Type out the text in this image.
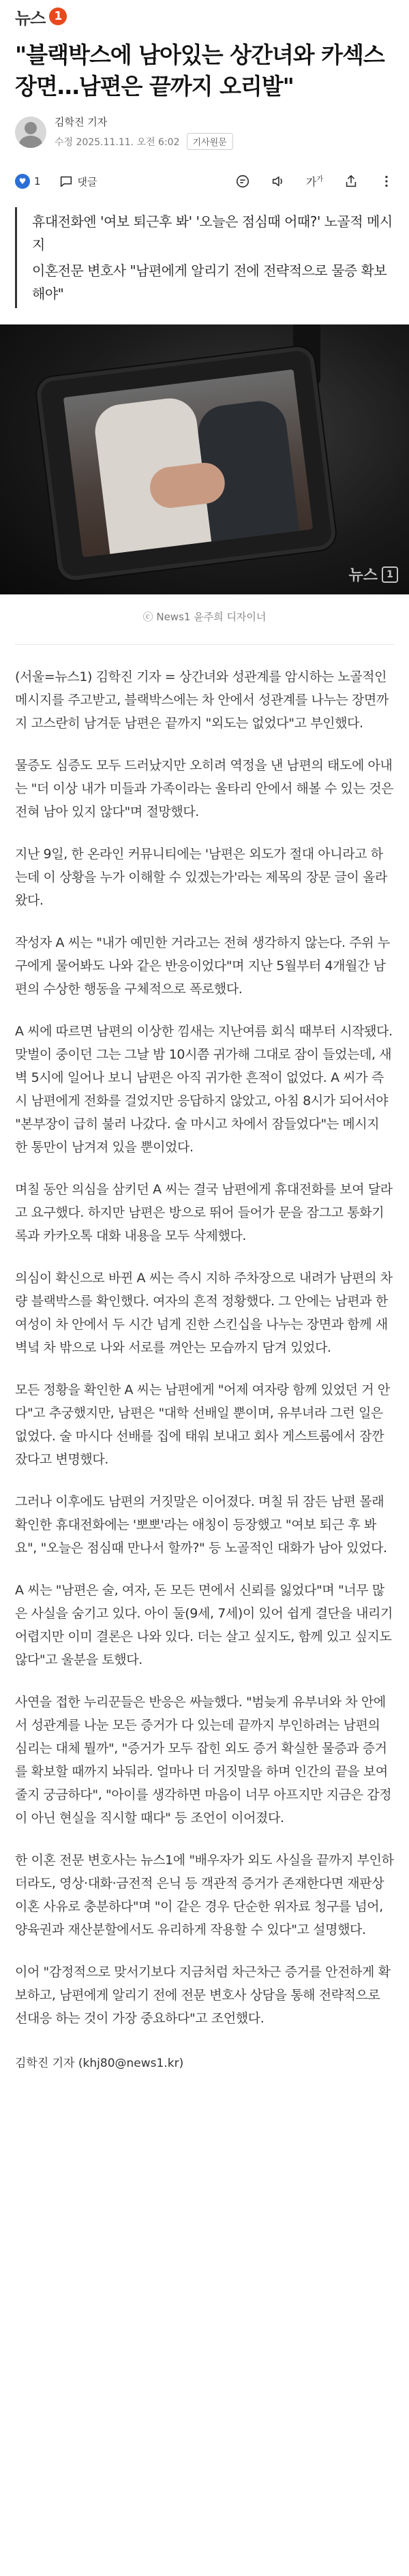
뉴스 1
"블랙박스에 남아있는 상간녀와 카섹스 장면…남편은 끝까지 오리발"
김학진 기자
수정 2025.11.11. 오전 6:02	기사원문
♥ 1	댓글	가$^가$

휴대전화엔 '여보 퇴근후 봐' '오늘은 점심때 어때?' 노골적 메시지

이혼전문 변호사 "남편에게 알리기 전에 전략적으로 물증 확보해야"

뉴스 1

ⓒ News1 윤주희 디자이너

(서울=뉴스1) 김학진 기자 = 상간녀와 성관계를 암시하는 노골적인 메시지를 주고받고, 블랙박스에는 차 안에서 성관계를 나누는 장면까지 고스란히 남겨둔 남편은 끝까지 "외도는 없었다"고 부인했다.

물증도 심증도 모두 드러났지만 오히려 역정을 낸 남편의 태도에 아내는 "더 이상 내가 미들과 가족이라는 울타리 안에서 해볼 수 있는 것은 전혀 남아 있지 않다"며 절망했다.

지난 9일, 한 온라인 커뮤니티에는 '남편은 외도가 절대 아니라고 하는데 이 상황을 누가 이해할 수 있겠는가'라는 제목의 장문 글이 올라왔다.

작성자 A 씨는 "내가 예민한 거라고는 전혀 생각하지 않는다. 주위 누구에게 물어봐도 나와 같은 반응이었다"며 지난 5월부터 4개월간 남편의 수상한 행동을 구체적으로 폭로했다.

A 씨에 따르면 남편의 이상한 낌새는 지난여름 회식 때부터 시작됐다. 맞벌이 중이던 그는 그날 밤 10시쯤 귀가해 그대로 잠이 들었는데, 새벽 5시에 일어나 보니 남편은 아직 귀가한 흔적이 없었다. A 씨가 즉시 남편에게 전화를 걸었지만 응답하지 않았고, 아침 8시가 되어서야 "본부장이 급히 불러 나갔다. 술 마시고 차에서 잠들었다"는 메시지 한 통만이 남겨져 있을 뿐이었다.

며칠 동안 의심을 삼키던 A 씨는 결국 남편에게 휴대전화를 보여 달라고 요구했다. 하지만 남편은 방으로 뛰어 들어가 문을 잠그고 통화기록과 카카오톡 대화 내용을 모두 삭제했다.

의심이 확신으로 바뀐 A 씨는 즉시 지하 주차장으로 내려가 남편의 차량 블랙박스를 확인했다. 여자의 흔적 정황했다. 그 안에는 남편과 한 여성이 차 안에서 두 시간 넘게 진한 스킨십을 나누는 장면과 함께 새벽녘 차 밖으로 나와 서로를 껴안는 모습까지 담겨 있었다.

모든 정황을 확인한 A 씨는 남편에게 "어제 여자랑 함께 있었던 거 안다"고 추궁했지만, 남편은 "대학 선배일 뿐이며, 유부녀라 그런 일은 없었다. 술 마시다 선배를 집에 태워 보내고 회사 게스트룸에서 잠깐 잤다고 변명했다.

그러나 이후에도 남편의 거짓말은 이어졌다. 며칠 뒤 잠든 남편 몰래 확인한 휴대전화에는 '뽀뽀'라는 애칭이 등장했고 "여보 퇴근 후 봐요", "오늘은 점심때 만나서 할까?" 등 노골적인 대화가 남아 있었다.

A 씨는 "남편은 술, 여자, 돈 모든 면에서 신뢰를 잃었다"며 "너무 많은 사실을 숨기고 있다. 아이 둘(9세, 7세)이 있어 쉽게 결단을 내리기 어렵지만 이미 결론은 나와 있다. 더는 살고 싶지도, 함께 있고 싶지도 않다"고 울분을 토했다.

사연을 접한 누리꾼들은 반응은 싸늘했다. "범늦게 유부녀와 차 안에서 성관계를 나눈 모든 증거가 다 있는데 끝까지 부인하려는 남편의 심리는 대체 뭘까", "증거가 모두 잡힌 외도 증거 확실한 물증과 증거를 확보할 때까지 놔둬라. 얼마나 더 거짓말을 하며 인간의 끝을 보여줄지 궁금하다", "아이를 생각하면 마음이 너무 아프지만 지금은 감정이 아닌 현실을 직시할 때다" 등 조언이 이어졌다.

한 이혼 전문 변호사는 뉴스1에 "배우자가 외도 사실을 끝까지 부인하더라도, 영상·대화·금전적 은닉 등 객관적 증거가 존재한다면 재판상 이혼 사유로 충분하다"며 "이 같은 경우 단순한 위자료 청구를 넘어, 양육권과 재산분할에서도 유리하게 작용할 수 있다"고 설명했다.

이어 "감정적으로 맞서기보다 지금처럼 차근차근 증거를 안전하게 확보하고, 남편에게 알리기 전에 전문 변호사 상담을 통해 전략적으로 선대응 하는 것이 가장 중요하다"고 조언했다.

김학진 기자 (khj80@news1.kr)
